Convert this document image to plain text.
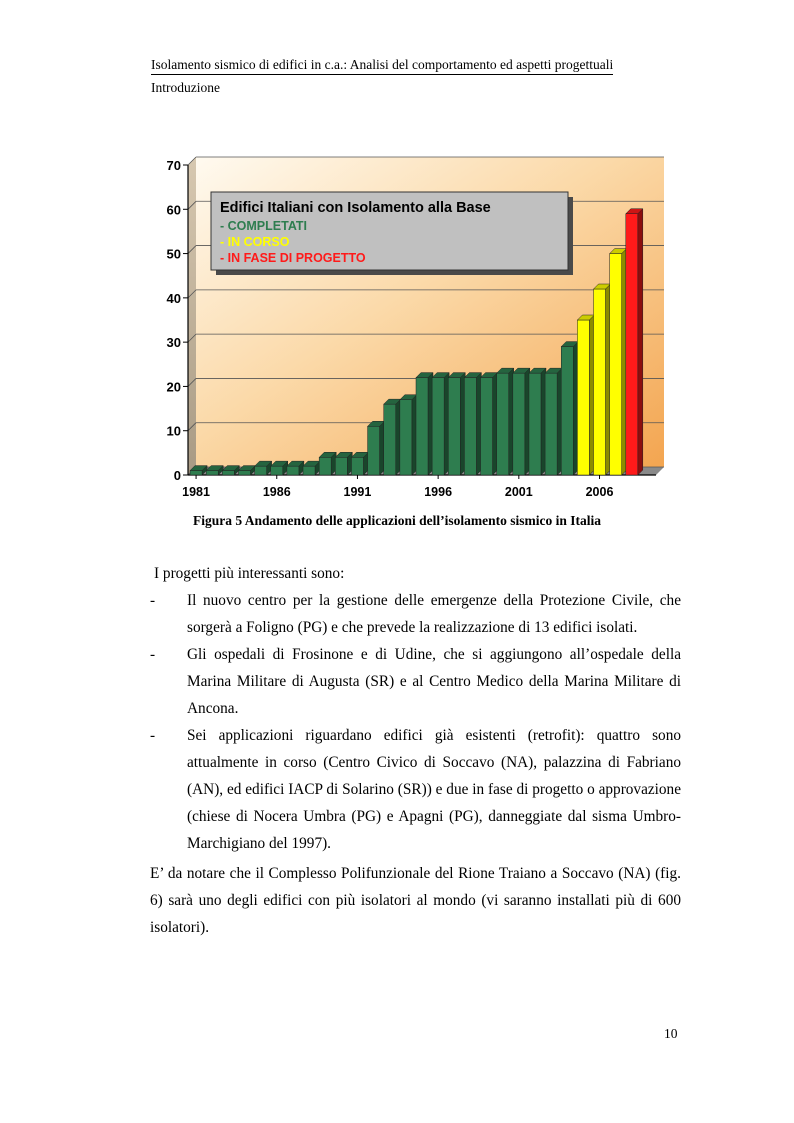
Isolamento sismico di edifici in c.a.: Analisi del comportamento ed aspetti progettuali
Introduzione
0
10
20
30
40
50
60
70
1981	1986	1991	1996	2001	2006
Edifici Italiani con Isolamento alla Base
- COMPLETATI
- IN CORSO
- IN FASE DI PROGETTO
Figura 5 Andamento delle applicazioni dell’isolamento sismico in Italia
I progetti più interessanti sono:
- Il nuovo centro per la gestione delle emergenze della Protezione Civile, che sorgerà a Foligno (PG) e che prevede la realizzazione di 13 edifici isolati.
- Gli ospedali di Frosinone e di Udine, che si aggiungono all’ospedale della Marina Militare di Augusta (SR) e al Centro Medico della Marina Militare di Ancona.
- Sei applicazioni riguardano edifici già esistenti (retrofit): quattro sono attualmente in corso (Centro Civico di Soccavo (NA), palazzina di Fabriano (AN), ed edifici IACP di Solarino (SR)) e due in fase di progetto o approvazione (chiese di Nocera Umbra (PG) e Apagni (PG), danneggiate dal sisma Umbro-Marchigiano del 1997).
E’ da notare che il Complesso Polifunzionale del Rione Traiano a Soccavo (NA) (fig. 6) sarà uno degli edifici con più isolatori al mondo (vi saranno installati più di 600 isolatori).
10
